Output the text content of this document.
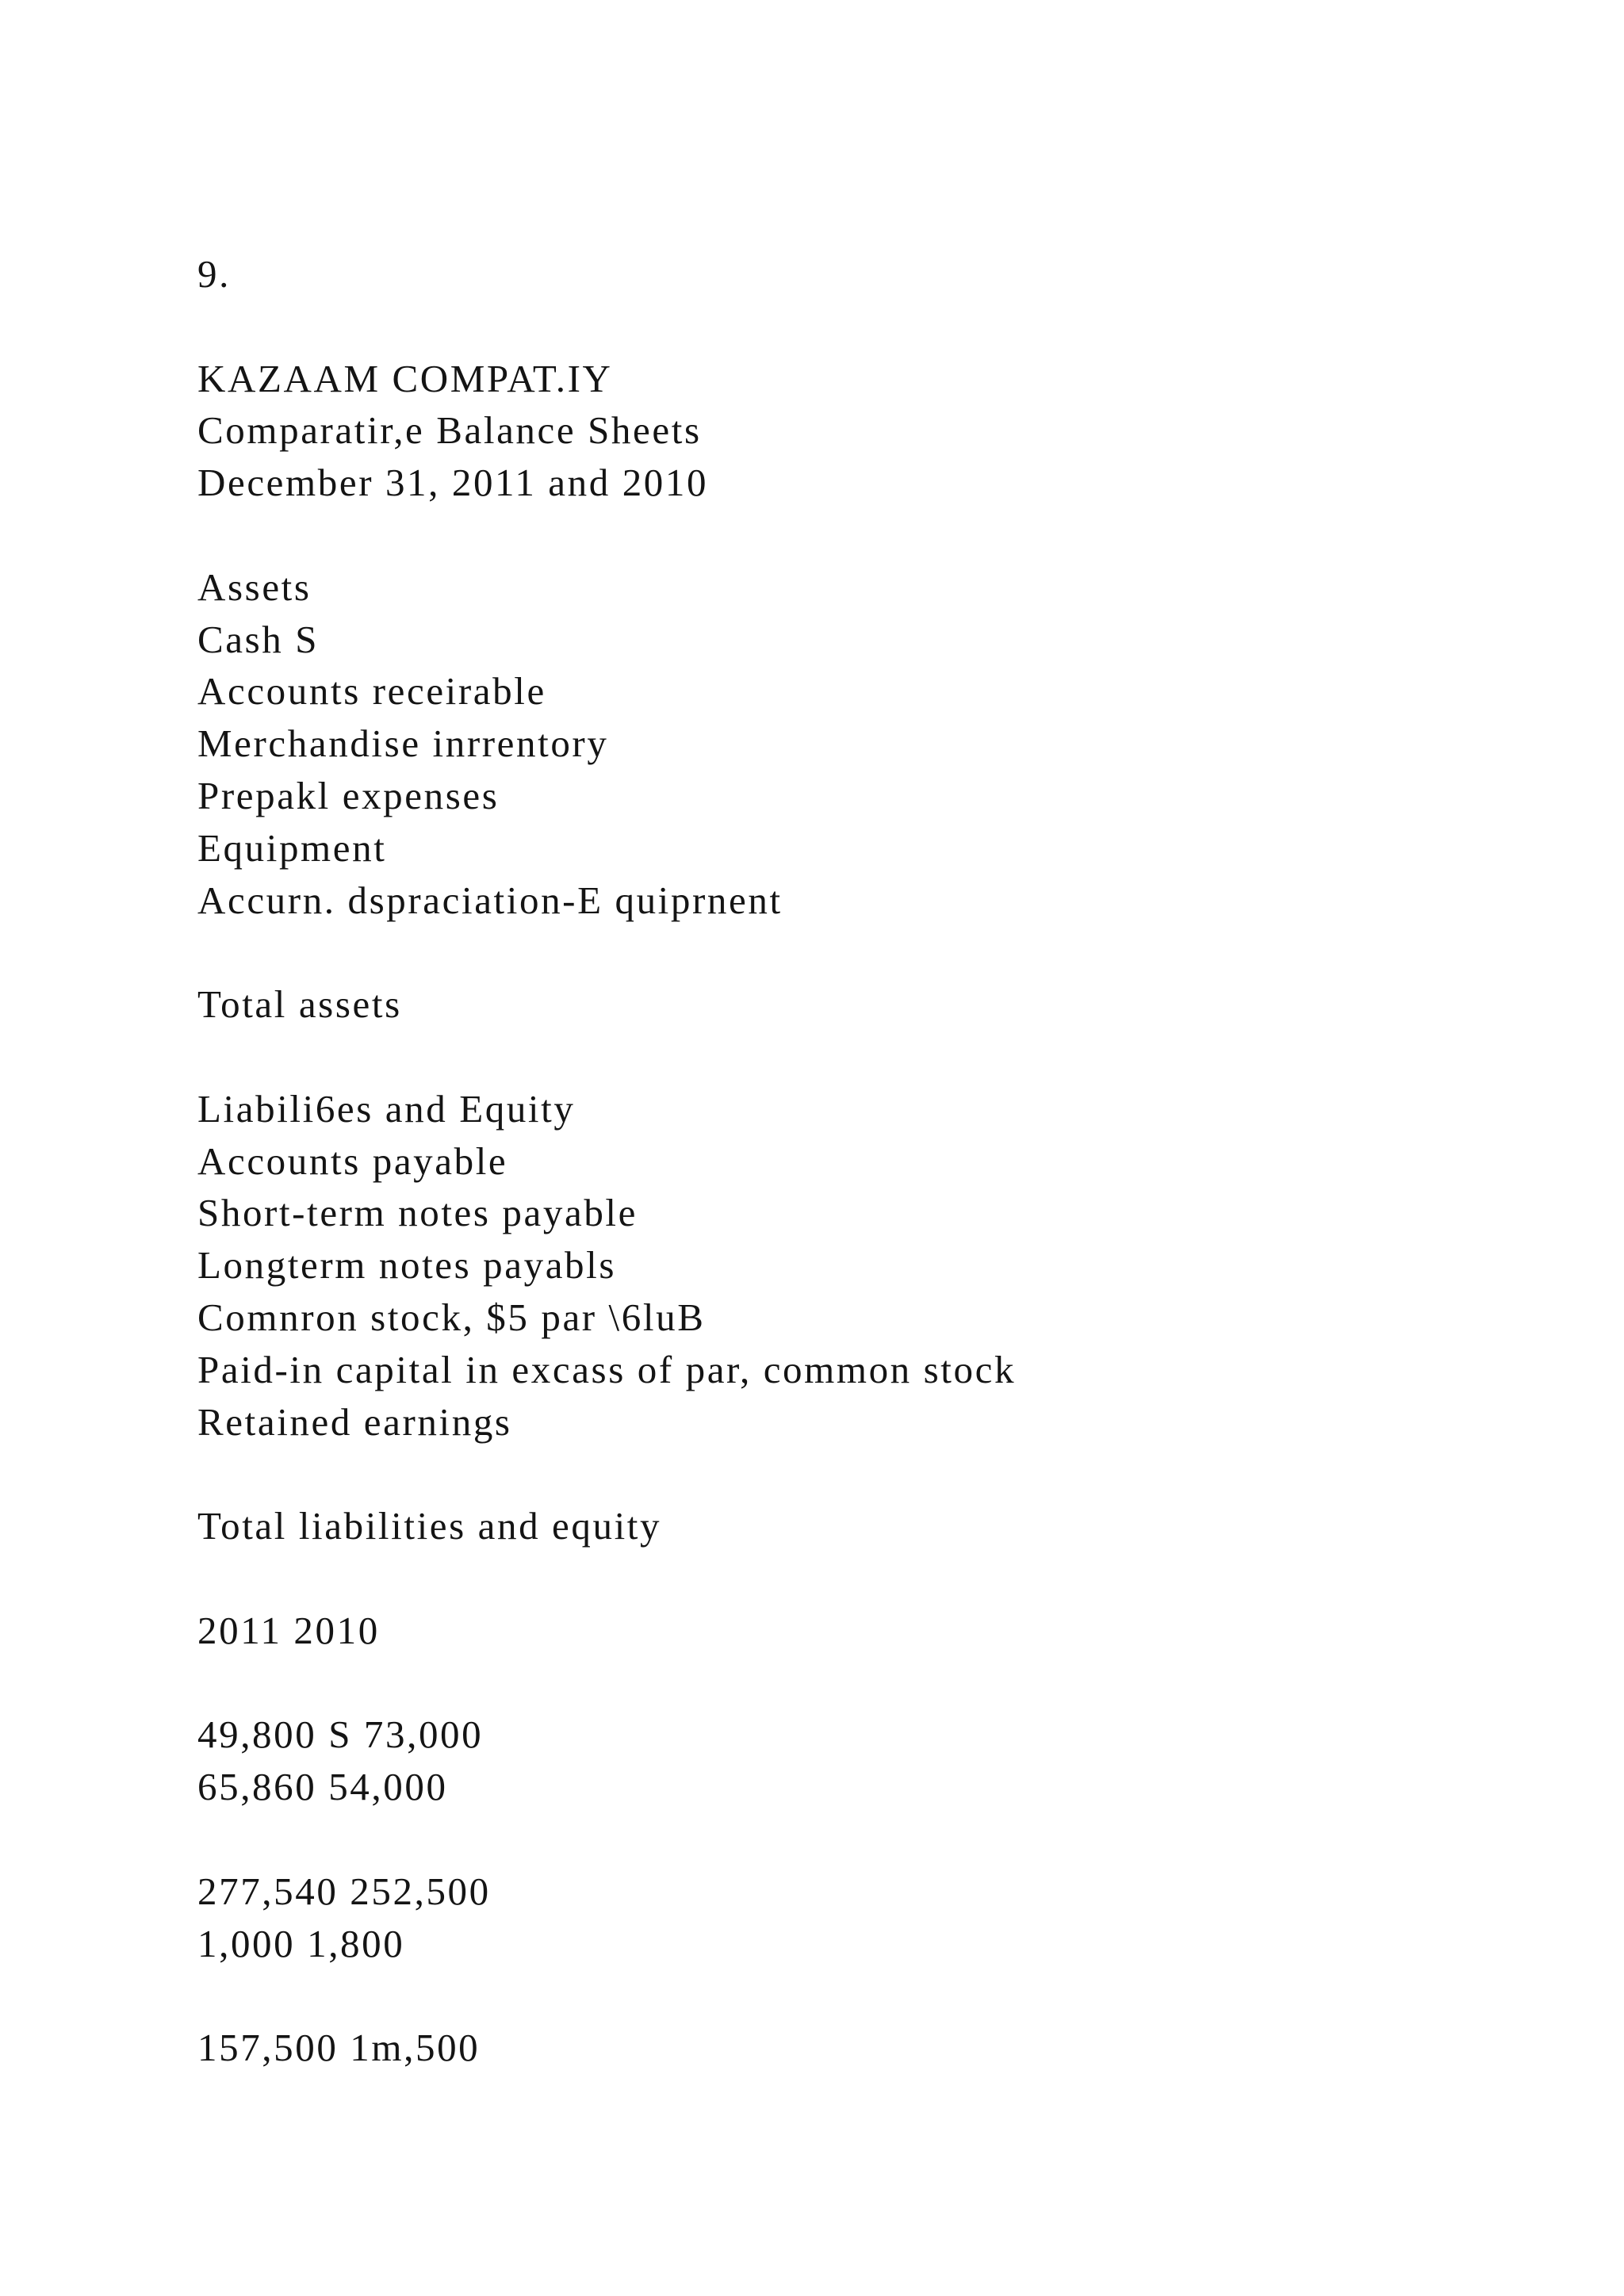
9.
KAZAAM COMPAT.IY
Comparatir,e Balance Sheets
December 31, 2011 and 2010
Assets
Cash S
Accounts receirable
Merchandise inrrentory
Prepakl expenses
Equipment
Accurn. dspraciation-E quiprnent
Total assets
Liabili6es and Equity
Accounts payable
Short-term notes payable
Longterm notes payabls
Comnron stock, $5 par \6luB
Paid-in capital in excass of par, common stock
Retained earnings
Total liabilities and equity
2011 2010
49,800 S 73,000
65,860 54,000
277,540 252,500
1,000 1,800
157,500 1m,500
